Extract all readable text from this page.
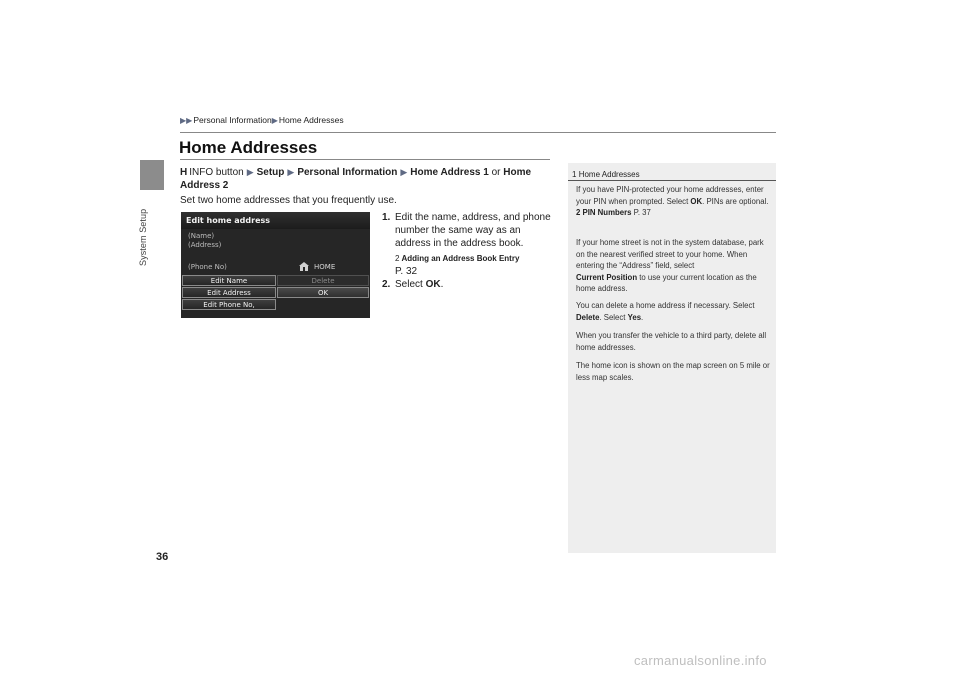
System Setup
▶▶Personal Information▶Home Addresses
Home Addresses
H INFO button ▶ Setup ▶ Personal Information ▶ Home Address 1 or Home Address 2
Set two home addresses that you frequently use.
Edit home address
(Name)
(Address)
(Phone No)	HOME
Edit Name	Delete
Edit Address	OK
Edit Phone No,
1. Edit the name, address, and phone number the same way as an address in the address book.
2 Adding an Address Book Entry
P. 32
2. Select OK.
1 Home Addresses
If you have PIN-protected your home addresses, enter your PIN when prompted. Select OK. PINs are optional.
2 PIN Numbers P. 37
If your home street is not in the system database, park on the nearest verified street to your home. When entering the “Address” field, select
Current Position to use your current location as the home address.
You can delete a home address if necessary. Select Delete. Select Yes.
When you transfer the vehicle to a third party, delete all home addresses.
The home icon is shown on the map screen on 5 mile or less map scales.
36
carmanualsonline.info
